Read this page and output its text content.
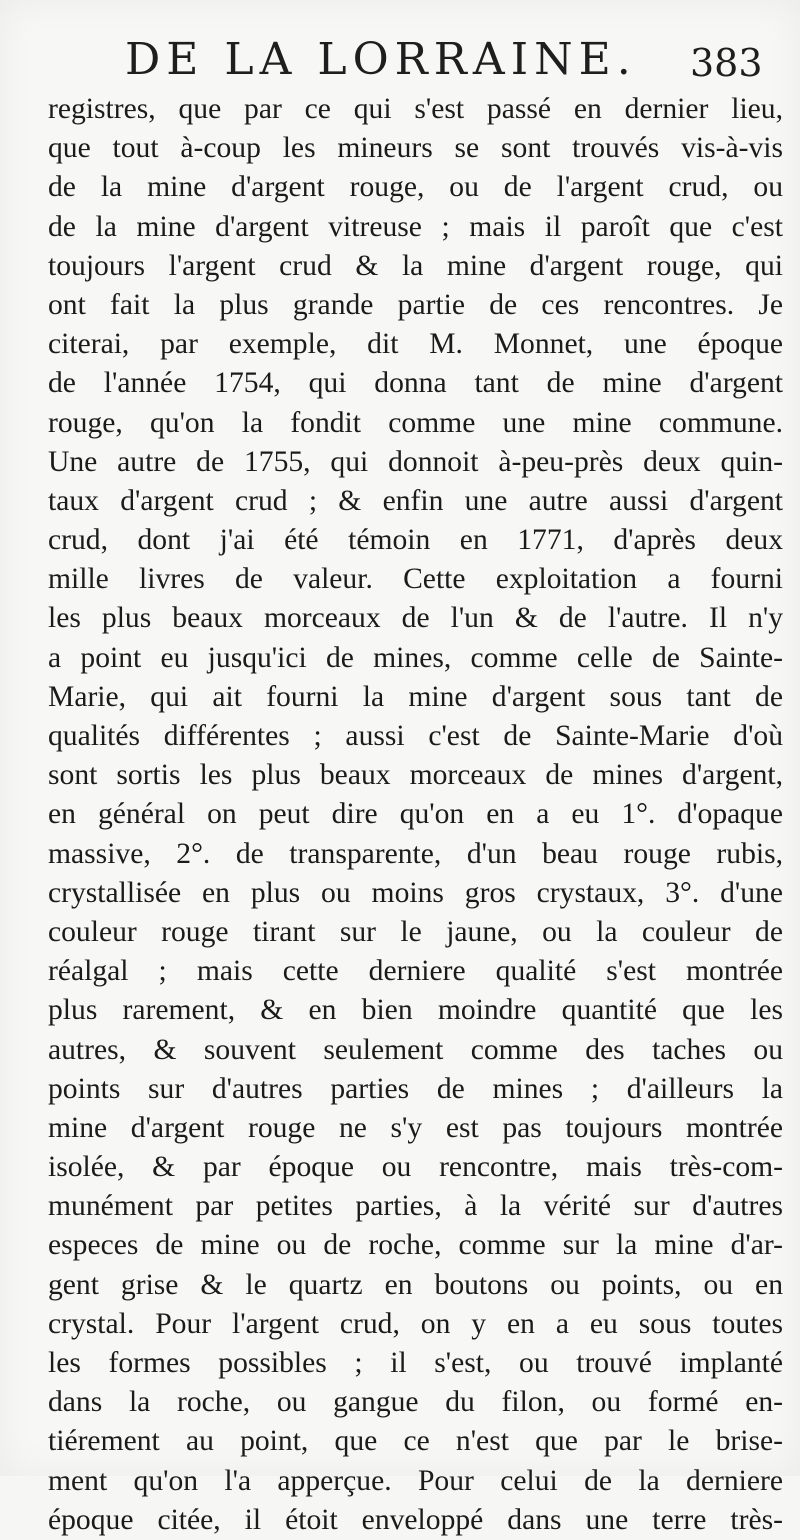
DE LA LORRAINE. 383
registres, que par ce qui s'est passé en dernier lieu,
que tout à-coup les mineurs se sont trouvés vis-à-vis
de la mine d'argent rouge, ou de l'argent crud, ou
de la mine d'argent vitreuse ; mais il paroît que c'est
toujours l'argent crud & la mine d'argent rouge, qui
ont fait la plus grande partie de ces rencontres. Je
citerai, par exemple, dit M. Monnet, une époque
de l'année 1754, qui donna tant de mine d'argent
rouge, qu'on la fondit comme une mine commune.
Une autre de 1755, qui donnoit à-peu-près deux quin-
taux d'argent crud ; & enfin une autre aussi d'argent
crud, dont j'ai été témoin en 1771, d'après deux
mille livres de valeur. Cette exploitation a fourni
les plus beaux morceaux de l'un & de l'autre. Il n'y
a point eu jusqu'ici de mines, comme celle de Sainte-
Marie, qui ait fourni la mine d'argent sous tant de
qualités différentes ; aussi c'est de Sainte-Marie d'où
sont sortis les plus beaux morceaux de mines d'argent,
en général on peut dire qu'on en a eu 1°. d'opaque
massive, 2°. de transparente, d'un beau rouge rubis,
crystallisée en plus ou moins gros crystaux, 3°. d'une
couleur rouge tirant sur le jaune, ou la couleur de
réalgal ; mais cette derniere qualité s'est montrée
plus rarement, & en bien moindre quantité que les
autres, & souvent seulement comme des taches ou
points sur d'autres parties de mines ; d'ailleurs la
mine d'argent rouge ne s'y est pas toujours montrée
isolée, & par époque ou rencontre, mais très-com-
munément par petites parties, à la vérité sur d'autres
especes de mine ou de roche, comme sur la mine d'ar-
gent grise & le quartz en boutons ou points, ou en
crystal. Pour l'argent crud, on y en a eu sous toutes
les formes possibles ; il s'est, ou trouvé implanté
dans la roche, ou gangue du filon, ou formé en-
tiérement au point, que ce n'est que par le brise-
ment qu'on l'a apperçue. Pour celui de la derniere
époque citée, il étoit enveloppé dans une terre très-
